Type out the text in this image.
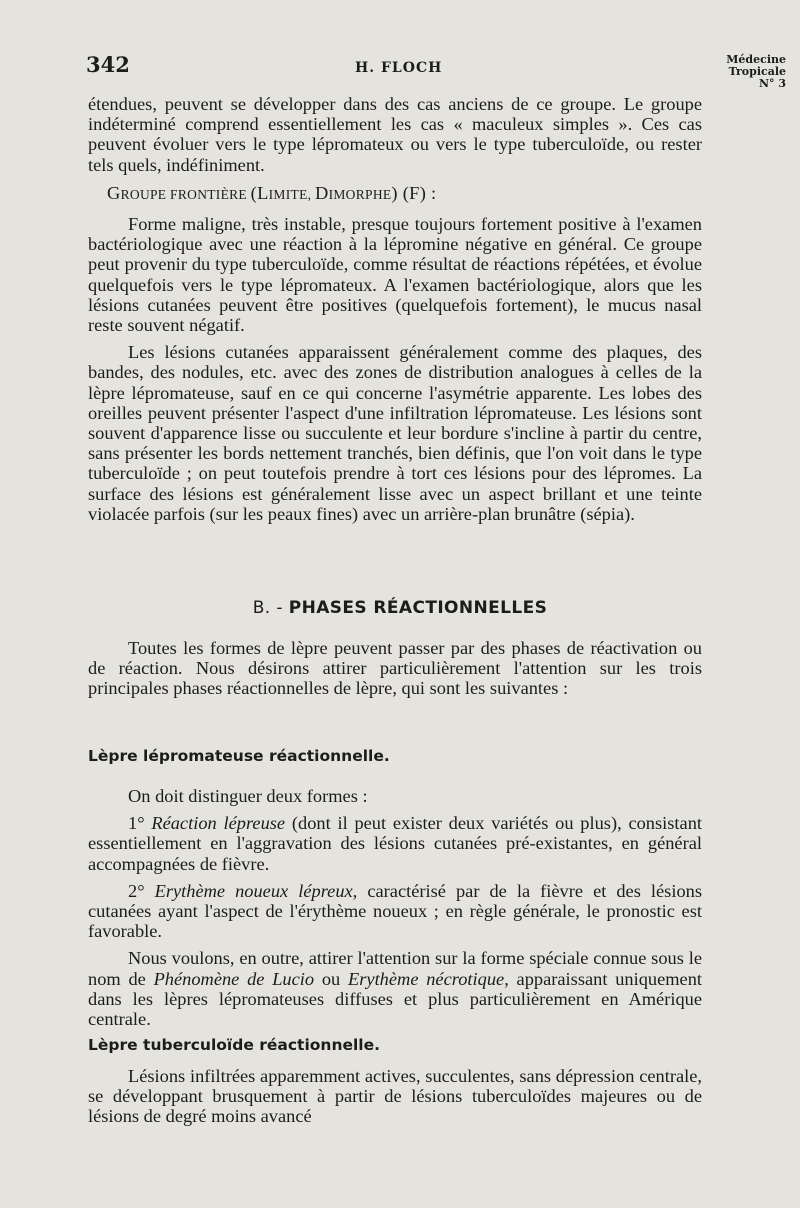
342	H. FLOCH
Médecine
Tropicale
N° 3

étendues, peuvent se développer dans des cas anciens de ce groupe. Le groupe indéterminé comprend essentiellement les cas « maculeux simples ». Ces cas peuvent évoluer vers le type lépromateux ou vers le type tuberculoïde, ou rester tels quels, indéfiniment.

GROUPE FRONTIÈRE (LIMITE, DIMORPHE) (F) :

Forme maligne, très instable, presque toujours fortement positive à l'examen bactériologique avec une réaction à la lépromine négative en général. Ce groupe peut provenir du type tuberculoïde, comme résultat de réactions répétées, et évolue quelquefois vers le type lépromateux. A l'examen bactériologique, alors que les lésions cutanées peuvent être positives (quelquefois fortement), le mucus nasal reste souvent négatif.

Les lésions cutanées apparaissent généralement comme des plaques, des bandes, des nodules, etc. avec des zones de distribution analogues à celles de la lèpre lépromateuse, sauf en ce qui concerne l'asymétrie apparente. Les lobes des oreilles peuvent présenter l'aspect d'une infiltration lépromateuse. Les lésions sont souvent d'apparence lisse ou succulente et leur bordure s'incline à partir du centre, sans présenter les bords nettement tranchés, bien définis, que l'on voit dans le type tuberculoïde ; on peut toutefois prendre à tort ces lésions pour des lépromes. La surface des lésions est généralement lisse avec un aspect brillant et une teinte violacée parfois (sur les peaux fines) avec un arrière-plan brunâtre (sépia).

B. - PHASES RÉACTIONNELLES

Toutes les formes de lèpre peuvent passer par des phases de réactivation ou de réaction. Nous désirons attirer particulièrement l'attention sur les trois principales phases réactionnelles de lèpre, qui sont les suivantes :

Lèpre lépromateuse réactionnelle.

On doit distinguer deux formes :

1° Réaction lépreuse (dont il peut exister deux variétés ou plus), consistant essentiellement en l'aggravation des lésions cutanées pré-existantes, en général accompagnées de fièvre.

2° Erythème noueux lépreux, caractérisé par de la fièvre et des lésions cutanées ayant l'aspect de l'érythème noueux ; en règle générale, le pronostic est favorable.

Nous voulons, en outre, attirer l'attention sur la forme spéciale connue sous le nom de Phénomène de Lucio ou Erythème nécrotique, apparaissant uniquement dans les lèpres lépromateuses diffuses et plus particulièrement en Amérique centrale.

Lèpre tuberculoïde réactionnelle.

Lésions infiltrées apparemment actives, succulentes, sans dépression centrale, se développant brusquement à partir de lésions tuberculoïdes majeures ou de lésions de degré moins avancé
